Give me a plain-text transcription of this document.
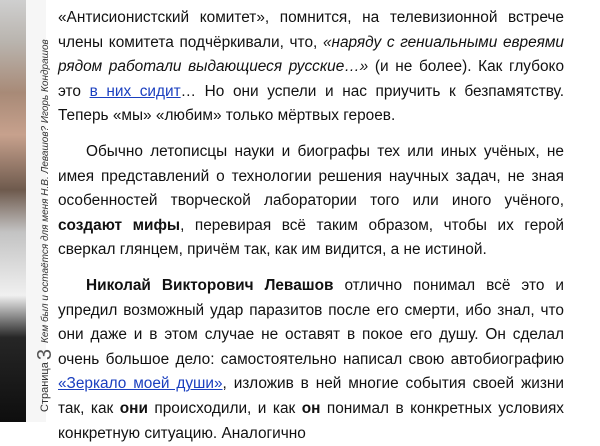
Страница3Кем был и остаётся для меня Н.В. Левашов? Игорь Кондрашов

«Антисионистский комитет», помнится, на телевизионной встрече члены комитета подчёркивали, что, «наряду с гениальными евреями рядом работали выдающиеся русские…» (и не более). Как глубоко это в них сидит… Но они успели и нас приучить к безпамятству. Теперь «мы» «любим» только мёртвых героев.

Обычно летописцы науки и биографы тех или иных учёных, не имея представлений о технологии решения научных задач, не зная особенностей творческой лаборатории того или иного учёного, создают мифы, перевирая всё таким образом, чтобы их герой сверкал глянцем, причём так, как им видится, а не истиной.

Николай Викторович Левашов отлично понимал всё это и упредил возможный удар паразитов после его смерти, ибо знал, что они даже и в этом случае не оставят в покое его душу. Он сделал очень большое дело: самостоятельно написал свою автобиографию «Зеркало моей души», изложив в ней многие события своей жизни так, как они происходили, и как он понимал в конкретных условиях конкретную ситуацию. Аналогично
